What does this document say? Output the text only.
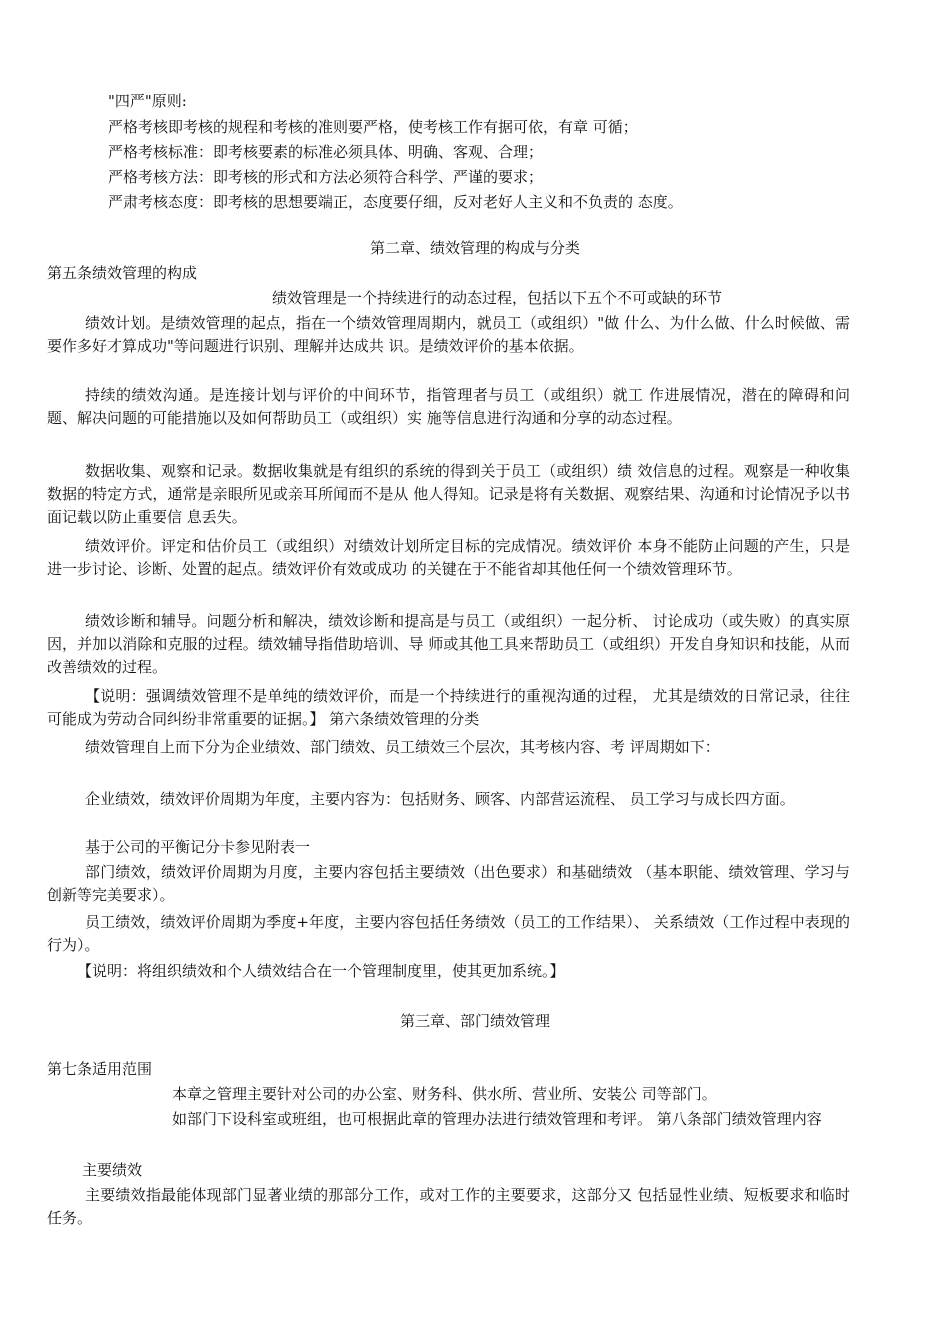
"四严"原则:

严格考核即考核的规程和考核的准则要严格，使考核工作有据可依，有章 可循；

严格考核标准：即考核要素的标准必须具体、明确、客观、合理；

严格考核方法：即考核的形式和方法必须符合科学、严谨的要求；

严肃考核态度：即考核的思想要端正，态度要仔细，反对老好人主义和不负责的 态度。

第二章、绩效管理的构成与分类

第五条绩效管理的构成

绩效管理是一个持续进行的动态过程，包括以下五个不可或缺的环节

绩效计划。是绩效管理的起点，指在一个绩效管理周期内，就员工（或组织）"做 什么、为什么做、什么时候做、需要作多好才算成功"等问题进行识别、理解并达成共 识。是绩效评价的基本依据。

持续的绩效沟通。是连接计划与评价的中间环节，指管理者与员工（或组织）就工 作进展情况，潜在的障碍和问题、解决问题的可能措施以及如何帮助员工（或组织）实 施等信息进行沟通和分享的动态过程。

数据收集、观察和记录。数据收集就是有组织的系统的得到关于员工（或组织）绩 效信息的过程。观察是一种收集数据的特定方式，通常是亲眼所见或亲耳所闻而不是从 他人得知。记录是将有关数据、观察结果、沟通和讨论情况予以书面记载以防止重要信 息丢失。

绩效评价。评定和估价员工（或组织）对绩效计划所定目标的完成情况。绩效评价 本身不能防止问题的产生，只是进一步讨论、诊断、处置的起点。绩效评价有效或成功 的关键在于不能省却其他任何一个绩效管理环节。

绩效诊断和辅导。问题分析和解决，绩效诊断和提高是与员工（或组织）一起分析、 讨论成功（或失败）的真实原因，并加以消除和克服的过程。绩效辅导指借助培训、导 师或其他工具来帮助员工（或组织）开发自身知识和技能，从而改善绩效的过程。

【说明：强调绩效管理不是单纯的绩效评价，而是一个持续进行的重视沟通的过程， 尤其是绩效的日常记录，往往可能成为劳动合同纠纷非常重要的证据。】 第六条绩效管理的分类

绩效管理自上而下分为企业绩效、部门绩效、员工绩效三个层次，其考核内容、考 评周期如下：

企业绩效，绩效评价周期为年度，主要内容为：包括财务、顾客、内部营运流程、 员工学习与成长四方面。

基于公司的平衡记分卡参见附表一

部门绩效，绩效评价周期为月度，主要内容包括主要绩效（出色要求）和基础绩效 （基本职能、绩效管理、学习与创新等完美要求）。

员工绩效，绩效评价周期为季度+年度，主要内容包括任务绩效（员工的工作结果）、 关系绩效（工作过程中表现的行为）。

【说明：将组织绩效和个人绩效结合在一个管理制度里，使其更加系统。】

第三章、部门绩效管理

第七条适用范围

本章之管理主要针对公司的办公室、财务科、供水所、营业所、安装公 司等部门。

如部门下设科室或班组，也可根据此章的管理办法进行绩效管理和考评。 第八条部门绩效管理内容

主要绩效

主要绩效指最能体现部门显著业绩的那部分工作，或对工作的主要要求，这部分又 包括显性业绩、短板要求和临时任务。
